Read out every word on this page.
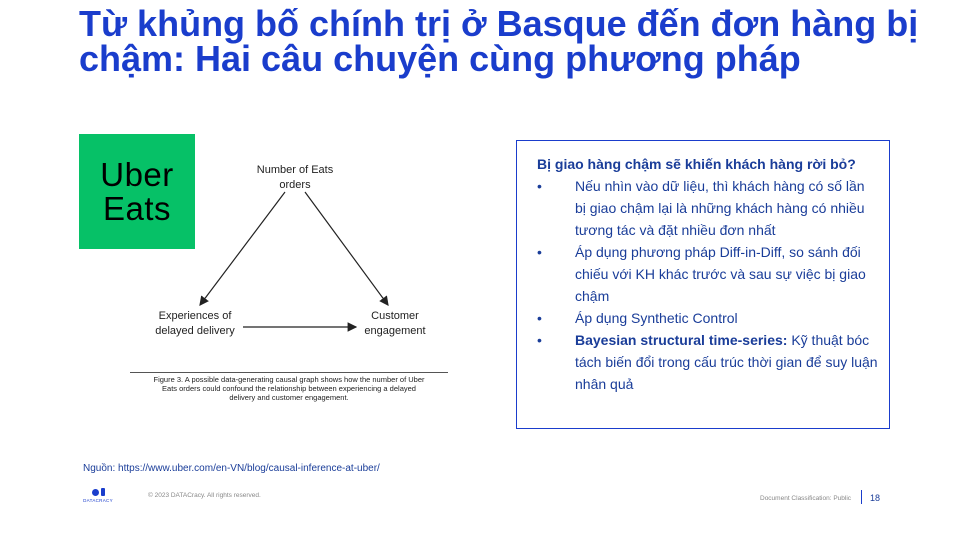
Từ khủng bố chính trị ở Basque đến đơn hàng bị chậm: Hai câu chuyện cùng phương pháp
Uber
Eats
Number of Eats
orders
Experiences of
delayed delivery
Customer
engagement
Figure 3. A possible data-generating causal graph shows how the number of Uber
Eats orders could confound the relationship between experiencing a delayed
delivery and customer engagement.

Bị giao hàng chậm sẽ khiến khách hàng rời bỏ?

• Nếu nhìn vào dữ liệu, thì khách hàng có số lần bị giao chậm lại là những khách hàng có nhiều tương tác và đặt nhiều đơn nhất
• Áp dụng phương pháp Diff-in-Diff, so sánh đối chiếu với KH khác trước và sau sự việc bị giao chậm
• Áp dụng Synthetic Control
• Bayesian structural time-series: Kỹ thuật bóc tách biến đổi trong cấu trúc thời gian để suy luận nhân quả
Nguồn: https://www.uber.com/en-VN/blog/causal-inference-at-uber/
DATACRACY
© 2023 DATACracy. All rights reserved.	Document Classification: Public 18
